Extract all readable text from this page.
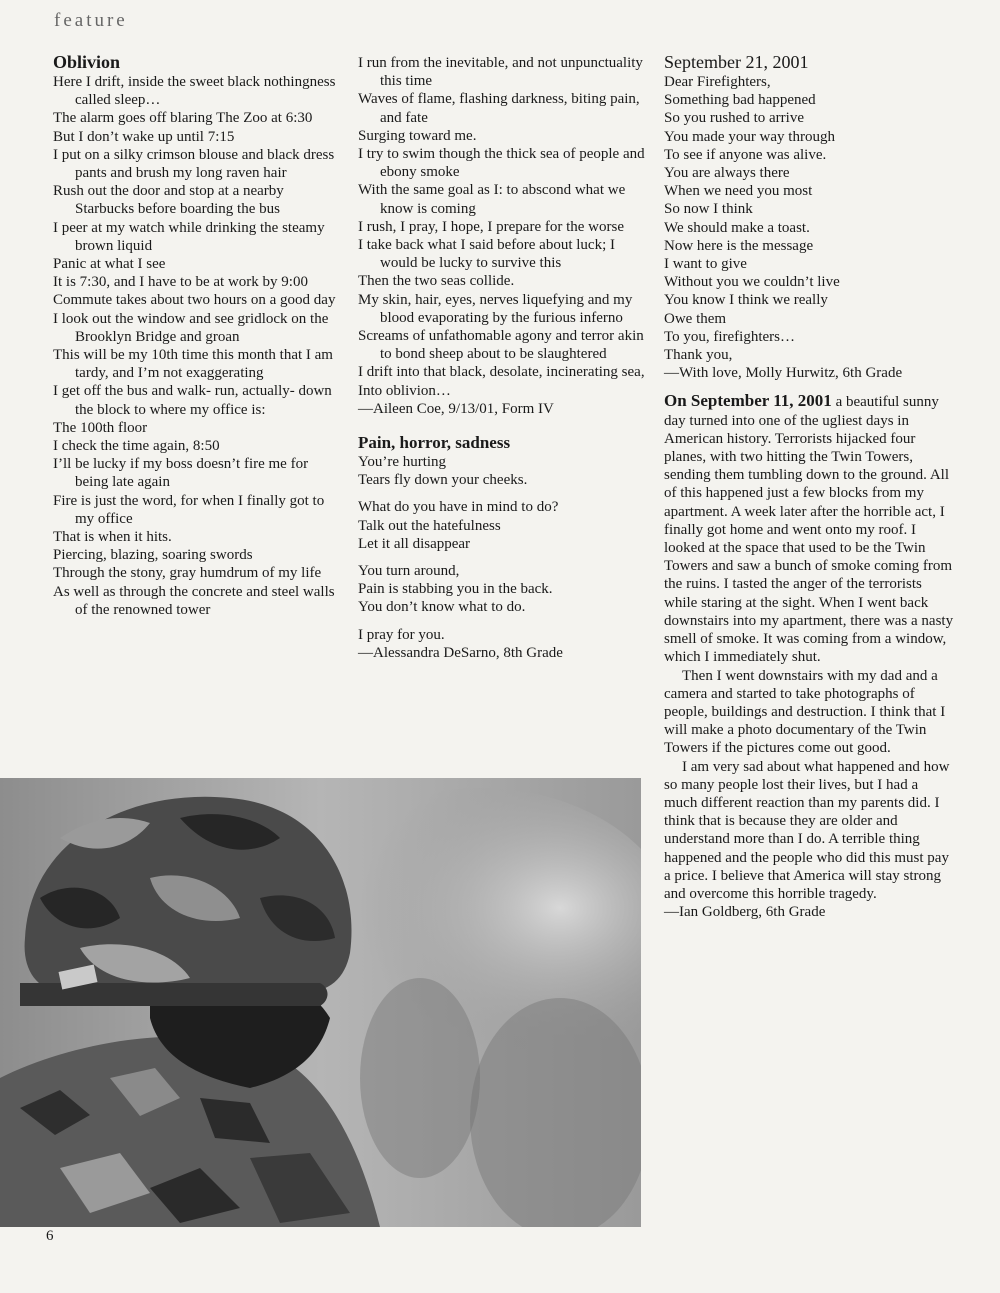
feature
Oblivion
Here I drift, inside the sweet black nothingness called sleep…
The alarm goes off blaring The Zoo at 6:30
But I don’t wake up until 7:15
I put on a silky crimson blouse and black dress pants and brush my long raven hair
Rush out the door and stop at a nearby Starbucks before boarding the bus
I peer at my watch while drinking the steamy brown liquid
Panic at what I see
It is 7:30, and I have to be at work by 9:00
Commute takes about two hours on a good day
I look out the window and see gridlock on the Brooklyn Bridge and groan
This will be my 10th time this month that I am tardy, and I’m not exaggerating
I get off the bus and walk- run, actually- down the block to where my office is:
The 100th floor
I check the time again, 8:50
I’ll be lucky if my boss doesn’t fire me for being late again
Fire is just the word, for when I finally got to my office
That is when it hits.
Piercing, blazing, soaring swords
Through the stony, gray humdrum of my life
As well as through the concrete and steel walls of the renowned tower
I run from the inevitable, and not unpunctuality this time
Waves of flame, flashing darkness, biting pain, and fate
Surging toward me.
I try to swim though the thick sea of people and ebony smoke
With the same goal as I: to abscond what we know is coming
I rush, I pray, I hope, I prepare for the worse
I take back what I said before about luck; I would be lucky to survive this
Then the two seas collide.
My skin, hair, eyes, nerves liquefying and my blood evaporating by the furious inferno
Screams of unfathomable agony and terror akin to bond sheep about to be slaughtered
I drift into that black, desolate, incinerating sea,
Into oblivion…

—Aileen Coe, 9/13/01, Form IV

Pain, horror, sadness
You’re hurting
Tears fly down your cheeks.
What do you have in mind to do?
Talk out the hatefulness
Let it all disappear
You turn around,
Pain is stabbing you in the back.
You don’t know what to do.
I pray for you.

—Alessandra DeSarno, 8th Grade

September 21, 2001
Dear Firefighters,
Something bad happened
So you rushed to arrive
You made your way through
To see if anyone was alive.
You are always there
When we need you most
So now I think
We should make a toast.
Now here is the message
I want to give
Without you we couldn’t live
You know I think we really
Owe them
To you, firefighters…
Thank you,

—With love, Molly Hurwitz, 6th Grade

On September 11, 2001 a beautiful sunny day turned into one of the ugliest days in American history. Terrorists hijacked four planes, with two hitting the Twin Towers, sending them tumbling down to the ground. All of this happened just a few blocks from my apartment. A week later after the horrible act, I finally got home and went onto my roof. I looked at the space that used to be the Twin Towers and saw a bunch of smoke coming from the ruins. I tasted the anger of the terrorists while staring at the sight. When I went back downstairs into my apartment, there was a nasty smell of smoke. It was coming from a window, which I immediately shut.

Then I went downstairs with my dad and a camera and started to take photographs of people, buildings and destruction. I think that I will make a photo documentary of the Twin Towers if the pictures come out good.

I am very sad about what happened and how so many people lost their lives, but I had a much different reaction than my parents did. I think that is because they are older and understand more than I do. A terrible thing happened and the people who did this must pay a price. I believe that America will stay strong and overcome this horrible tragedy.

—Ian Goldberg, 6th Grade

6
